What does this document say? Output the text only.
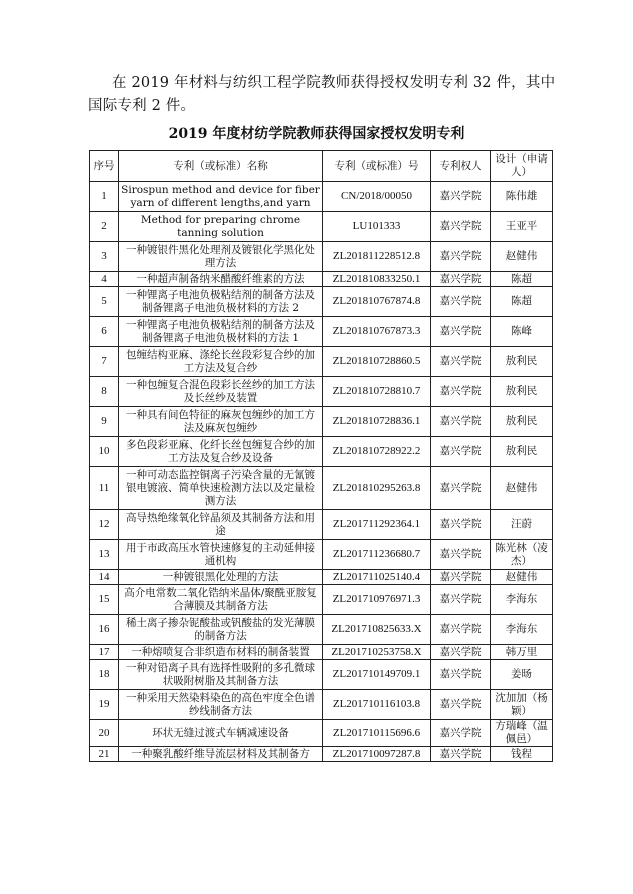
在 2019 年材料与纺织工程学院教师获得授权发明专利 32 件，其中
国际专利 2 件。
2019 年度材纺学院教师获得国家授权发明专利
序号	专利（或标准）名称	专利（或标准）号	专利权人	设计（申请人）
1	Sirospun method and device for fiber yarn of different lengths,and yarn	CN/2018/00050	嘉兴学院	陈伟雄
2	Method for preparing chrome tanning solution	LU101333	嘉兴学院	王亚平
3	一种镀银件黑化处理剂及镀银化学黑化处理方法	ZL201811228512.8	嘉兴学院	赵健伟
4	一种超声制备纳米醋酸纤维素的方法	ZL201810833250.1	嘉兴学院	陈超
5	一种锂离子电池负极粘结剂的制备方法及制备锂离子电池负极材料的方法 2	ZL201810767874.8	嘉兴学院	陈超
6	一种锂离子电池负极粘结剂的制备方法及制备锂离子电池负极材料的方法 1	ZL201810767873.3	嘉兴学院	陈峰
7	包缠结构亚麻、涤纶长丝段彩复合纱的加工方法及复合纱	ZL201810728860.5	嘉兴学院	敖利民
8	一种包缠复合混色段彩长丝纱的加工方法及长丝纱及装置	ZL201810728810.7	嘉兴学院	敖利民
9	一种具有间色特征的麻灰包缠纱的加工方法及麻灰包缠纱	ZL201810728836.1	嘉兴学院	敖利民
10	多色段彩亚麻、化纤长丝包缠复合纱的加工方法及复合纱及设备	ZL201810728922.2	嘉兴学院	敖利民
11	一种可动态监控铜离子污染含量的无氰镀银电镀液、简单快速检测方法以及定量检测方法	ZL201810295263.8	嘉兴学院	赵健伟
12	高导热绝缘氧化锌晶须及其制备方法和用途	ZL201711292364.1	嘉兴学院	汪蔚
13	用于市政高压水管快速修复的主动延伸接通机构	ZL201711236680.7	嘉兴学院	陈光林（凌杰）
14	一种镀银黑化处理的方法	ZL201711025140.4	嘉兴学院	赵健伟
15	高介电常数二氧化锆纳米晶体/聚酰亚胺复合薄膜及其制备方法	ZL201710976971.3	嘉兴学院	李海东
16	稀土离子掺杂铌酸盐或钒酸盐的发光薄膜的制备方法	ZL201710825633.X	嘉兴学院	李海东
17	一种熔喷复合非织造布材料的制备装置	ZL201710253758.X	嘉兴学院	韩万里
18	一种对铅离子具有选择性吸附的多孔微球状吸附树脂及其制备方法	ZL201710149709.1	嘉兴学院	姜旸
19	一种采用天然染料染色的高色牢度全色谱纱线制备方法	ZL201710116103.8	嘉兴学院	沈加加（杨颖）
20	环状无缝过渡式车辆减速设备	ZL201710115696.6	嘉兴学院	方瑞峰（温佩邑）
21	一种聚乳酸纤维导流层材料及其制备方	ZL201710097287.8	嘉兴学院	钱程
